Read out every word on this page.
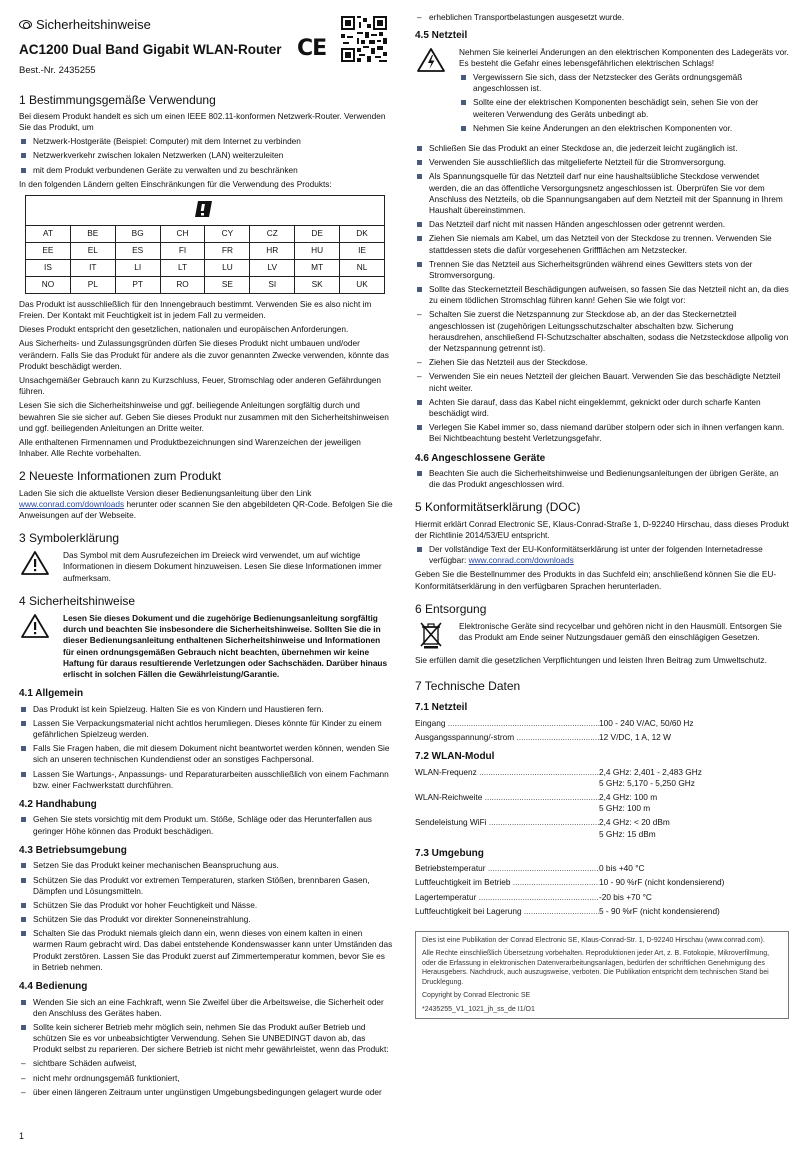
Sicherheitshinweise
AC1200 Dual Band Gigabit WLAN-Router
Best.-Nr. 2435255
CE
1 Bestimmungsgemäße Verwendung

Bei diesem Produkt handelt es sich um einen IEEE 802.11-konformen Netzwerk-Router. Verwenden Sie das Produkt, um

Netzwerk-Hostgeräte (Beispiel: Computer) mit dem Internet zu verbinden
Netzwerkverkehr zwischen lokalen Netzwerken (LAN) weiterzuleiten
mit dem Produkt verbundenen Geräte zu verwalten und zu beschränken

In den folgenden Ländern gelten Einschränkungen für die Verwendung des Produkts:

AT	BE	BG	CH	CY	CZ	DE	DK
EE	EL	ES	FI	FR	HR	HU	IE
IS	IT	LI	LT	LU	LV	MT	NL
NO	PL	PT	RO	SE	SI	SK	UK

Das Produkt ist ausschließlich für den Innengebrauch bestimmt. Verwenden Sie es also nicht im Freien. Der Kontakt mit Feuchtigkeit ist in jedem Fall zu vermeiden.

Dieses Produkt entspricht den gesetzlichen, nationalen und europäischen Anforderungen.

Aus Sicherheits- und Zulassungsgründen dürfen Sie dieses Produkt nicht umbauen und/oder verändern. Falls Sie das Produkt für andere als die zuvor genannten Zwecke verwenden, könnte das Produkt beschädigt werden.

Unsachgemäßer Gebrauch kann zu Kurzschluss, Feuer, Stromschlag oder anderen Gefährdungen führen.

Lesen Sie sich die Sicherheitshinweise und ggf. beiliegende Anleitungen sorgfältig durch und bewahren Sie sie sicher auf. Geben Sie dieses Produkt nur zusammen mit den Sicherheitshinweisen und ggf. beiliegenden Anleitungen an Dritte weiter.

Alle enthaltenen Firmennamen und Produktbezeichnungen sind Warenzeichen der jeweiligen Inhaber. Alle Rechte vorbehalten.

2 Neueste Informationen zum Produkt

Laden Sie sich die aktuellste Version dieser Bedienungsanleitung über den Link www.conrad.com/downloads herunter oder scannen Sie den abgebildeten QR-Code. Befolgen Sie die Anweisungen auf der Webseite.

3 Symbolerklärung
Das Symbol mit dem Ausrufezeichen im Dreieck wird verwendet, um auf wichtige Informationen in diesem Dokument hinzuweisen. Lesen Sie diese Informationen immer aufmerksam.
4 Sicherheitshinweise
Lesen Sie dieses Dokument und die zugehörige Bedienungsanleitung sorgfältig durch und beachten Sie insbesondere die Sicherheitshinweise. Sollten Sie die in dieser Bedienungsanleitung enthaltenen Sicherheitshinweise und Informationen für einen ordnungsgemäßen Gebrauch nicht beachten, übernehmen wir keine Haftung für daraus resultierende Verletzungen oder Sachschäden. Darüber hinaus erlischt in solchen Fällen die Gewährleistung/Garantie.
4.1 Allgemein
Das Produkt ist kein Spielzeug. Halten Sie es von Kindern und Haustieren fern.
Lassen Sie Verpackungsmaterial nicht achtlos herumliegen. Dieses könnte für Kinder zu einem gefährlichen Spielzeug werden.
Falls Sie Fragen haben, die mit diesem Dokument nicht beantwortet werden können, wenden Sie sich an unseren technischen Kundendienst oder an sonstiges Fachpersonal.
Lassen Sie Wartungs-, Anpassungs- und Reparaturarbeiten ausschließlich von einem Fachmann bzw. einer Fachwerkstatt durchführen.
4.2 Handhabung
Gehen Sie stets vorsichtig mit dem Produkt um. Stöße, Schläge oder das Herunterfallen aus geringer Höhe können das Produkt beschädigen.
4.3 Betriebsumgebung
Setzen Sie das Produkt keiner mechanischen Beanspruchung aus.
Schützen Sie das Produkt vor extremen Temperaturen, starken Stößen, brennbaren Gasen, Dämpfen und Lösungsmitteln.
Schützen Sie das Produkt vor hoher Feuchtigkeit und Nässe.
Schützen Sie das Produkt vor direkter Sonneneinstrahlung.
Schalten Sie das Produkt niemals gleich dann ein, wenn dieses von einem kalten in einen warmen Raum gebracht wird. Das dabei entstehende Kondenswasser kann unter Umständen das Produkt zerstören. Lassen Sie das Produkt zuerst auf Zimmertemperatur kommen, bevor Sie es in Betrieb nehmen.
4.4 Bedienung
Wenden Sie sich an eine Fachkraft, wenn Sie Zweifel über die Arbeitsweise, die Sicherheit oder den Anschluss des Gerätes haben.
Sollte kein sicherer Betrieb mehr möglich sein, nehmen Sie das Produkt außer Betrieb und schützen Sie es vor unbeabsichtigter Verwendung. Sehen Sie UNBEDINGT davon ab, das Produkt selbst zu reparieren. Der sichere Betrieb ist nicht mehr gewährleistet, wenn das Produkt:
– sichtbare Schäden aufweist,
– nicht mehr ordnungsgemäß funktioniert,
– über einen längeren Zeitraum unter ungünstigen Umgebungsbedingungen gelagert wurde oder
– erheblichen Transportbelastungen ausgesetzt wurde.
4.5 Netzteil

Nehmen Sie keinerlei Änderungen an den elektrischen Komponenten des Ladegeräts vor. Es besteht die Gefahr eines lebensgefährlichen elektrischen Schlags!

Vergewissern Sie sich, dass der Netzstecker des Geräts ordnungsgemäß angeschlossen ist.
Sollte eine der elektrischen Komponenten beschädigt sein, sehen Sie von der weiteren Verwendung des Geräts unbedingt ab.
Nehmen Sie keine Änderungen an den elektrischen Komponenten vor.
Schließen Sie das Produkt an einer Steckdose an, die jederzeit leicht zugänglich ist.
Verwenden Sie ausschließlich das mitgelieferte Netzteil für die Stromversorgung.
Als Spannungsquelle für das Netzteil darf nur eine haushaltsübliche Steckdose verwendet werden, die an das öffentliche Versorgungsnetz angeschlossen ist. Überprüfen Sie vor dem Anschluss des Netzteils, ob die Spannungsangaben auf dem Netzteil mit der Spannung in Ihrem Haushalt übereinstimmen.
Das Netzteil darf nicht mit nassen Händen angeschlossen oder getrennt werden.
Ziehen Sie niemals am Kabel, um das Netzteil von der Steckdose zu trennen. Verwenden Sie stattdessen stets die dafür vorgesehenen Griffflächen am Netzstecker.
Trennen Sie das Netzteil aus Sicherheitsgründen während eines Gewitters stets von der Stromversorgung.
Sollte das Steckernetzteil Beschädigungen aufweisen, so fassen Sie das Netzteil nicht an, da dies zu einem tödlichen Stromschlag führen kann! Gehen Sie wie folgt vor:
– Schalten Sie zuerst die Netzspannung zur Steckdose ab, an der das Steckernetzteil angeschlossen ist (zugehörigen Leitungsschutzschalter abschalten bzw. Sicherung herausdrehen, anschließend FI-Schutzschalter abschalten, sodass die Netzsteckdose allpolig von der Netzspannung getrennt ist).
– Ziehen Sie das Netzteil aus der Steckdose.
– Verwenden Sie ein neues Netzteil der gleichen Bauart. Verwenden Sie das beschädigte Netzteil nicht weiter.
Achten Sie darauf, dass das Kabel nicht eingeklemmt, geknickt oder durch scharfe Kanten beschädigt wird.
Verlegen Sie Kabel immer so, dass niemand darüber stolpern oder sich in ihnen verfangen kann. Bei Nichtbeachtung besteht Verletzungsgefahr.
4.6 Angeschlossene Geräte
Beachten Sie auch die Sicherheitshinweise und Bedienungsanleitungen der übrigen Geräte, an die das Produkt angeschlossen wird.
5 Konformitätserklärung (DOC)

Hiermit erklärt Conrad Electronic SE, Klaus-Conrad-Straße 1, D-92240 Hirschau, dass dieses Produkt der Richtlinie 2014/53/EU entspricht.

Der vollständige Text der EU-Konformitätserklärung ist unter der folgenden Internetadresse verfügbar: www.conrad.com/downloads

Geben Sie die Bestellnummer des Produkts in das Suchfeld ein; anschließend können Sie die EU-Konformitätserklärung in den verfügbaren Sprachen herunterladen.

6 Entsorgung
Elektronische Geräte sind recycelbar und gehören nicht in den Hausmüll. Entsorgen Sie das Produkt am Ende seiner Nutzungsdauer gemäß den einschlägigen Gesetzen.

Sie erfüllen damit die gesetzlichen Verpflichtungen und leisten Ihren Beitrag zum Umweltschutz.

7 Technische Daten
7.1 Netzteil
Eingang .....	100 - 240 V/AC, 50/60 Hz
Ausgangsspannung/-strom .....	12 V/DC, 1 A, 12 W
7.2 WLAN-Modul
WLAN-Frequenz .....	2,4 GHz: 2,401 - 2,483 GHz
5 GHz: 5,170 - 5,250 GHz
WLAN-Reichweite .....	2,4 GHz: 100 m
5 GHz: 100 m
Sendeleistung WiFi .....	2,4 GHz: < 20 dBm
5 GHz: 15 dBm
7.3 Umgebung
Betriebstemperatur .....	0 bis +40 °C
Luftfeuchtigkeit im Betrieb .....	10 - 90 %rF (nicht kondensierend)
Lagertemperatur .....	-20 bis +70 °C
Luftfeuchtigkeit bei Lagerung .....	5 - 90 %rF (nicht kondensierend)

Dies ist eine Publikation der Conrad Electronic SE, Klaus-Conrad-Str. 1, D-92240 Hirschau (www.conrad.com).

Alle Rechte einschließlich Übersetzung vorbehalten. Reproduktionen jeder Art, z. B. Fotokopie, Mikroverfilmung, oder die Erfassung in elektronischen Datenverarbeitungsanlagen, bedürfen der schriftlichen Genehmigung des Herausgebers. Nachdruck, auch auszugsweise, verboten. Die Publikation entspricht dem technischen Stand bei Drucklegung.

Copyright by Conrad Electronic SE

*2435255_V1_1021_jh_ss_de I1/O1

1
